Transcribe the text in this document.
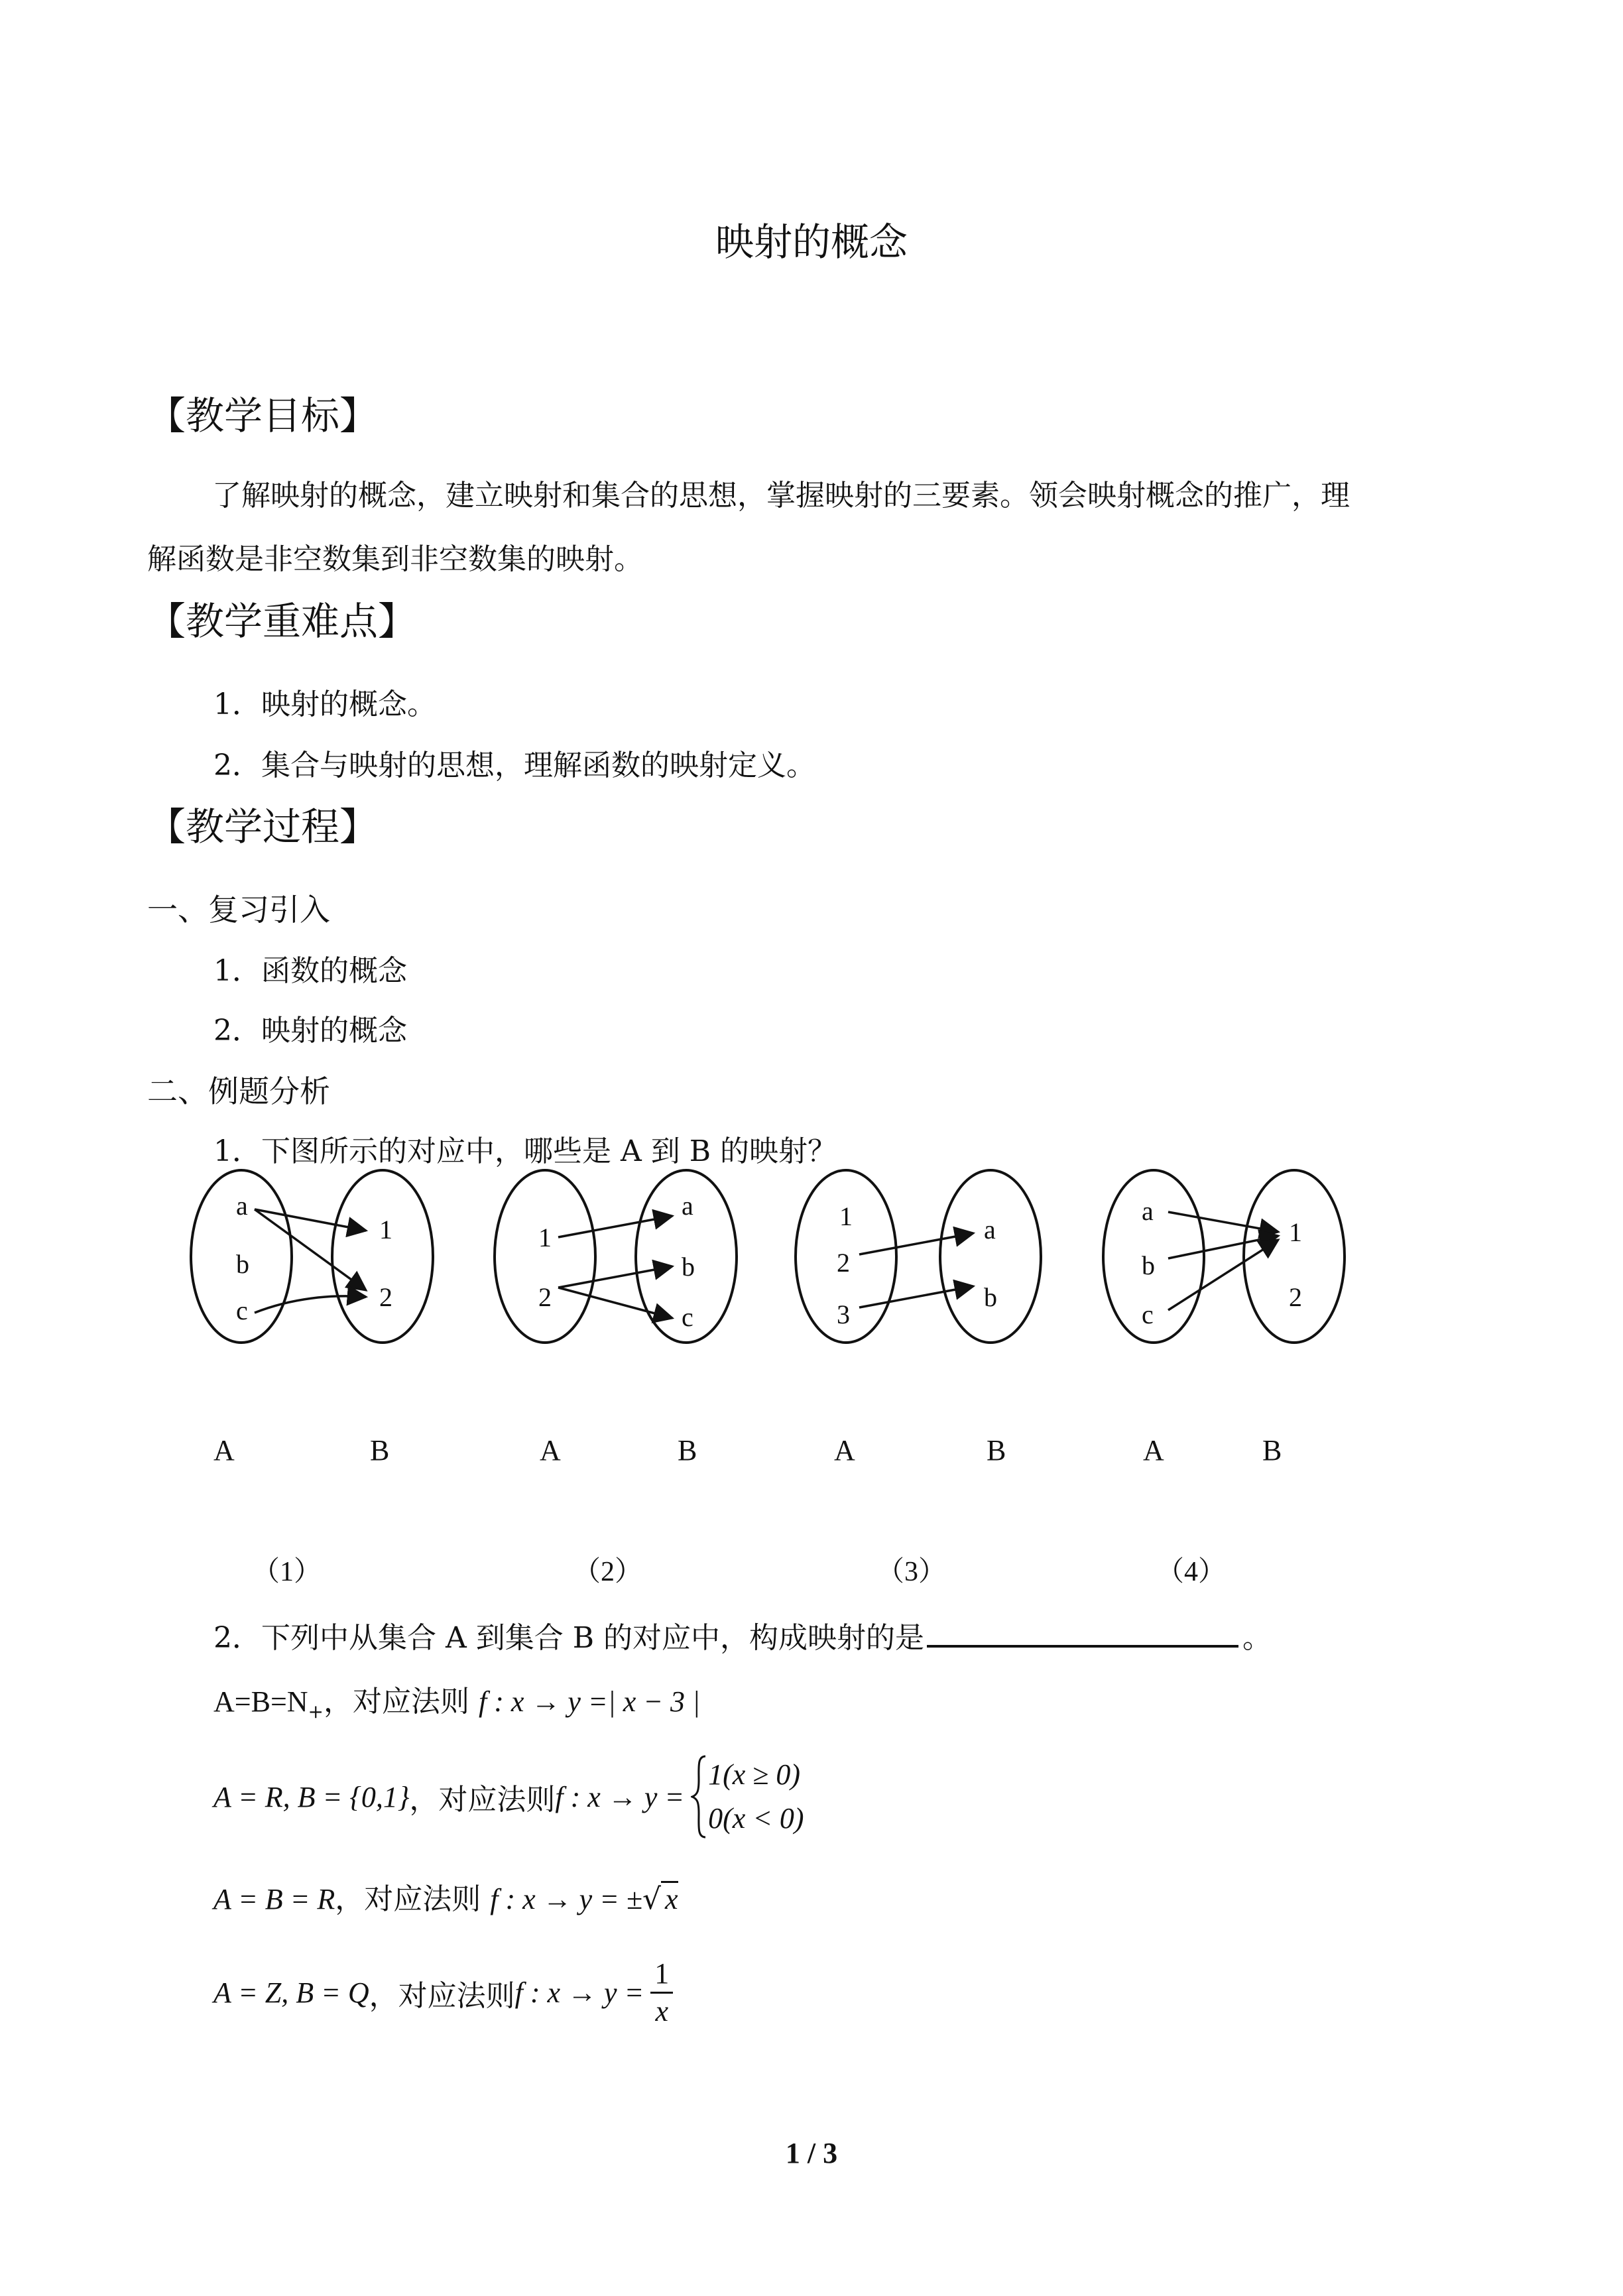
映射的概念
【教学目标】
了解映射的概念，建立映射和集合的思想，掌握映射的三要素。领会映射概念的推广，理
解函数是非空数集到非空数集的映射。
【教学重难点】
1．映射的概念。
2．集合与映射的思想，理解函数的映射定义。
【教学过程】
一、复习引入
1．函数的概念
2．映射的概念
二、例题分析
1．下图所示的对应中，哪些是 A 到 B 的映射？
a
b
c
1
2
1
2
a
b
c
1
2
3
a
b
a
b
c
1
2
A	B	A	B	A	B	A	B
（1）	（2）	（3）	（4）
2．下列中从集合 A 到集合 B 的对应中，构成映射的是	。
$A=B=N_+$，对应法则 f : x → y =| x − 3 |
A = R, B = {0,1} ，对应法则 f : x → y =
1(x ≥ 0)
0(x < 0)
A = B = R，对应法则 f : x → y = ±√ x
A = Z, B = Q ，对应法则 f : $x \to y = \frac{1}{x}$
1 / 3
